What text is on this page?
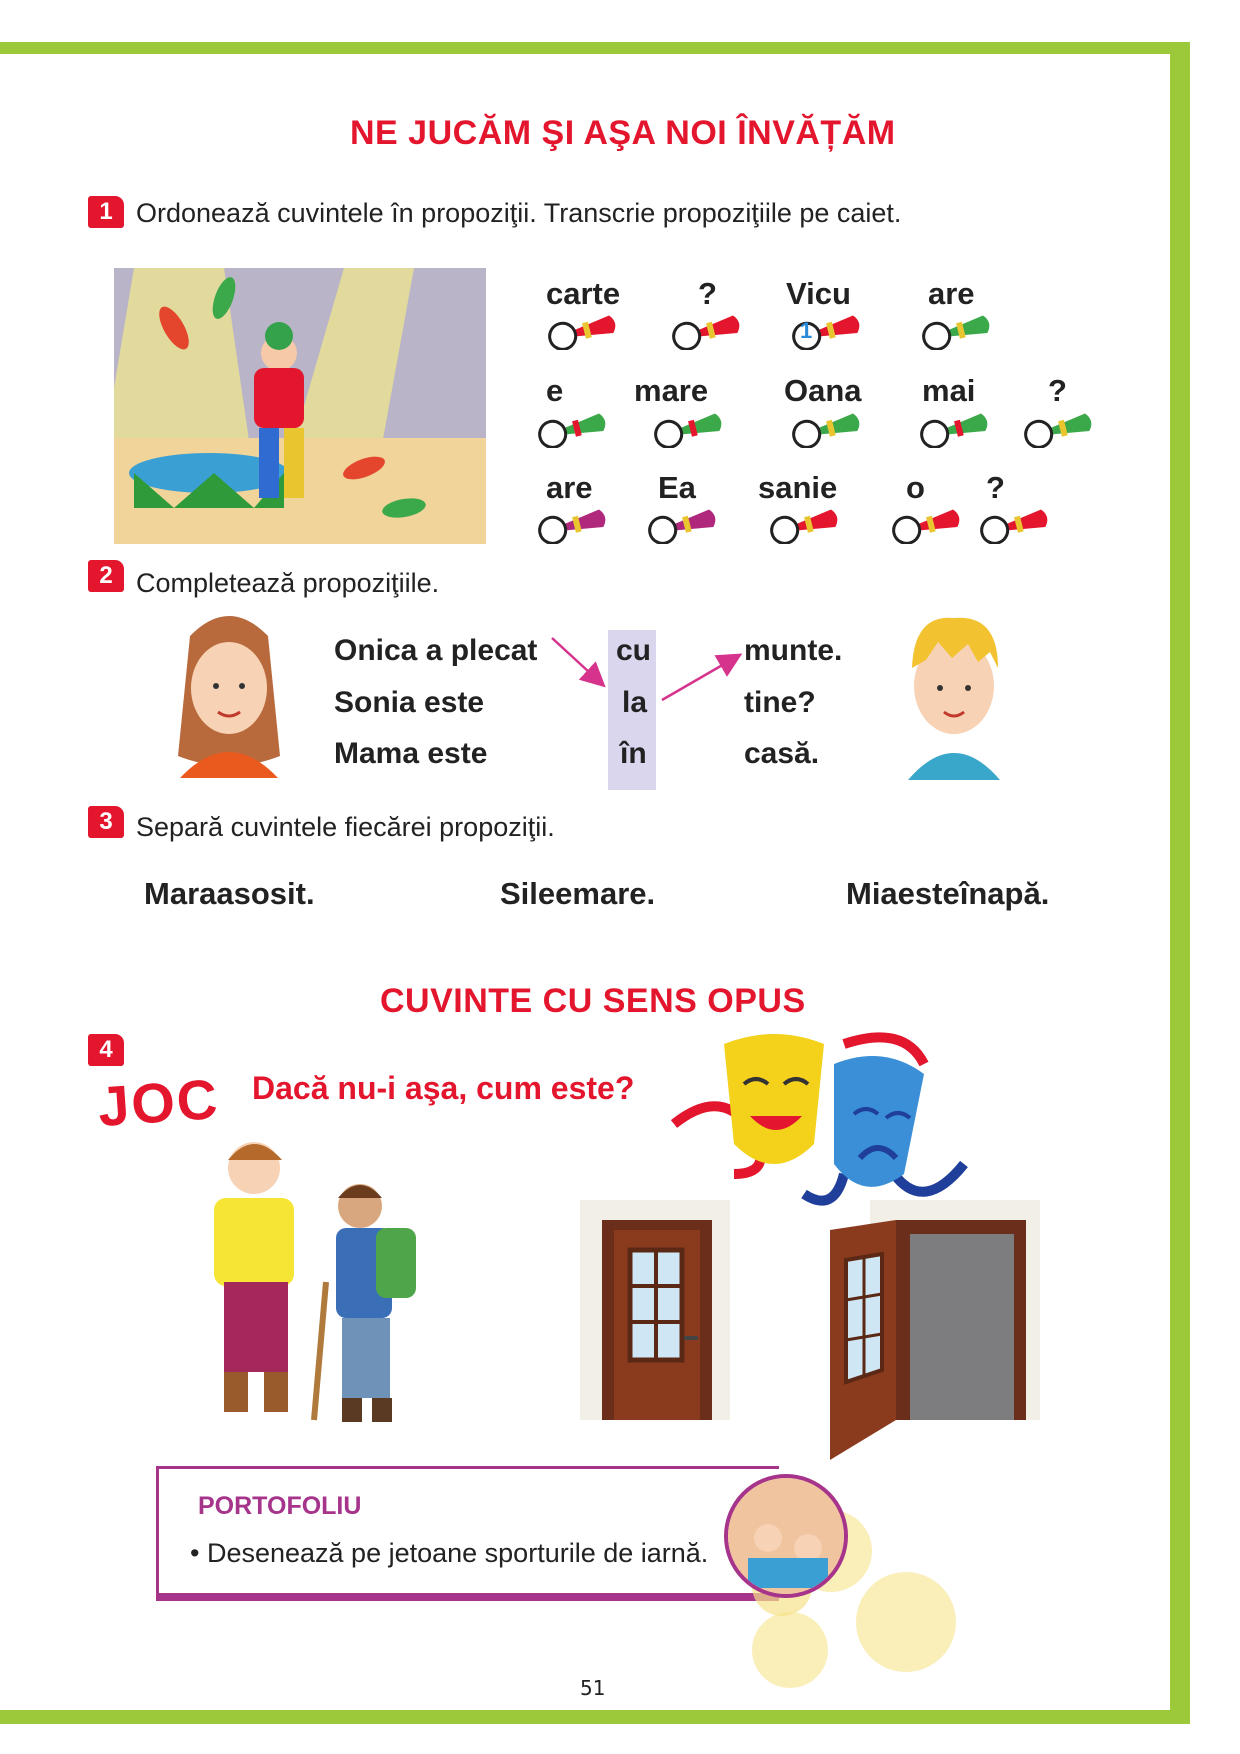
NE JUCĂM ŞI AŞA NOI ÎNVĂȚĂM
1 Ordonează cuvintele în propoziţii. Transcrie propoziţiile pe caiet.
carte	? Vicu are
1
e mare Oana mai ?
are Ea sanie o ?
2 Completează propoziţiile.
Onica a plecat
Sonia este
Mama este
cu
la
în
munte.
tine?
casă.
3 Separă cuvintele fiecărei propoziţii.
Maraasosit.	Sileemare.	Miaesteînapă.
CUVINTE CU SENS OPUS
4
JOC Dacă nu-i aşa, cum este?
PORTOFOLIU
• Desenează pe jetoane sporturile de iarnă.
51
